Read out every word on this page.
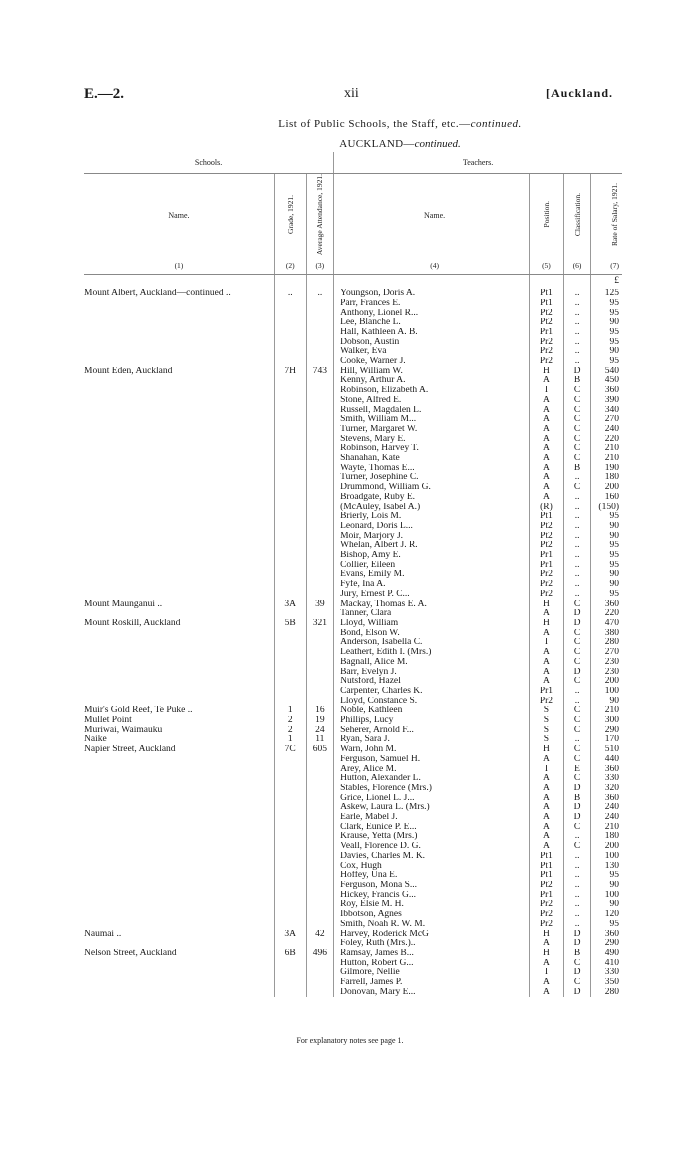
E.—2.	xii	[Auckland.
List of Public Schools, the Staff, etc.—continued.
AUCKLAND—continued.
Schools.			Teachers.			
Name.	Grade, 1921.	Average Attendance, 1921.	Name.	Position.	Classification.	Rate of Salary, 1921.
(1)	(2)	(3)	(4)	(5)	(6)	(7)
						£
Mount Albert, Auckland—continued ..	..	..	Youngson, Doris A.	Pt1	..	125
			Parr, Frances E.	Pt1	..	95
			Anthony, Lionel R...	Pt2	..	95
			Lee, Blanche L.	Pt2	..	90
			Hall, Kathleen A. B.	Pr1	..	95
			Dobson, Austin	Pr2	..	95
			Walker, Eva	Pr2	..	90
			Cooke, Warner J.	Pr2	..	95
Mount Eden, Auckland	7H	743	Hill, William W.	H	D	540
			Kenny, Arthur A.	A	B	450
			Robinson, Elizabeth A.	I	C	360
			Stone, Alfred E.	A	C	390
			Russell, Magdalen L.	A	C	340
			Smith, William M...	A	C	270
			Turner, Margaret W.	A	C	240
			Stevens, Mary E.	A	C	220
			Robinson, Harvey T.	A	C	210
			Shanahan, Kate	A	C	210
			Wayte, Thomas E...	A	B	190
			Turner, Josephine C.	A	..	180
			Drummond, William G.	A	C	200
			Broadgate, Ruby E.	A	..	160
			(McAuley, Isabel A.)	(R)	..	(150)
			Brierly, Lois M.	Pt1	..	95
			Leonard, Doris L...	Pt2	..	90
			Moir, Marjory J.	Pt2	..	90
			Whelan, Albert J. R.	Pt2	..	95
			Bishop, Amy E.	Pr1	..	95
			Collier, Eileen	Pr1	..	95
			Evans, Emily M.	Pr2	..	90
			Fyfe, Ina A.	Pr2	..	90
			Jury, Ernest P. C...	Pr2	..	95
Mount Maunganui ..	3A	39	Mackay, Thomas E. A.	H	C	360
			Tanner, Clara	A	D	220
Mount Roskill, Auckland	5B	321	Lloyd, William	H	D	470
			Bond, Elson W.	A	C	380
			Anderson, Isabella C.	I	C	280
			Leathert, Edith I. (Mrs.)	A	C	270
			Bagnall, Alice M.	A	C	230
			Barr, Evelyn J.	A	D	230
			Nutsford, Hazel	A	C	200
			Carpenter, Charles K.	Pr1	..	100
			Lloyd, Constance S.	Pr2	..	90
Muir's Gold Reef, Te Puke ..	1	16	Noble, Kathleen	S	C	210
Mullet Point	2	19	Phillips, Lucy	S	C	300
Muriwai, Waimauku	2	24	Seherer, Arnold F...	S	C	290
Naike	1	11	Ryan, Sara J.	S	..	170
Napier Street, Auckland	7C	605	Warn, John M.	H	C	510
			Ferguson, Samuel H.	A	C	440
			Arey, Alice M.	I	E	360
			Hutton, Alexander L.	A	C	330
			Stables, Florence (Mrs.)	A	D	320
			Grice, Lionel L. J...	A	B	360
			Askew, Laura L. (Mrs.)	A	D	240
			Earle, Mabel J.	A	D	240
			Clark, Eunice P. E...	A	C	210
			Krause, Yetta (Mrs.)	A	..	180
			Veall, Florence D. G.	A	C	200
			Davies, Charles M. K.	Pt1	..	100
			Cox, Hugh	Pt1	..	130
			Hoffey, Una E.	Pt1	..	95
			Ferguson, Mona S...	Pt2	..	90
			Hickey, Francis G...	Pr1	..	100
			Roy, Elsie M. H.	Pr2	..	90
			Ibbotson, Agnes	Pr2	..	120
			Smith, Noah R. W. M.	Pr2	..	95
Naumai ..	3A	42	Harvey, Roderick McG	H	D	360
			Foley, Ruth (Mrs.)..	A	D	290
Nelson Street, Auckland	6B	496	Ramsay, James B...	H	B	490
			Hutton, Robert G...	A	C	410
			Gilmore, Nellie	I	D	330
			Farrell, James P.	A	C	350
			Donovan, Mary E...	A	D	280
For explanatory notes see page 1.
